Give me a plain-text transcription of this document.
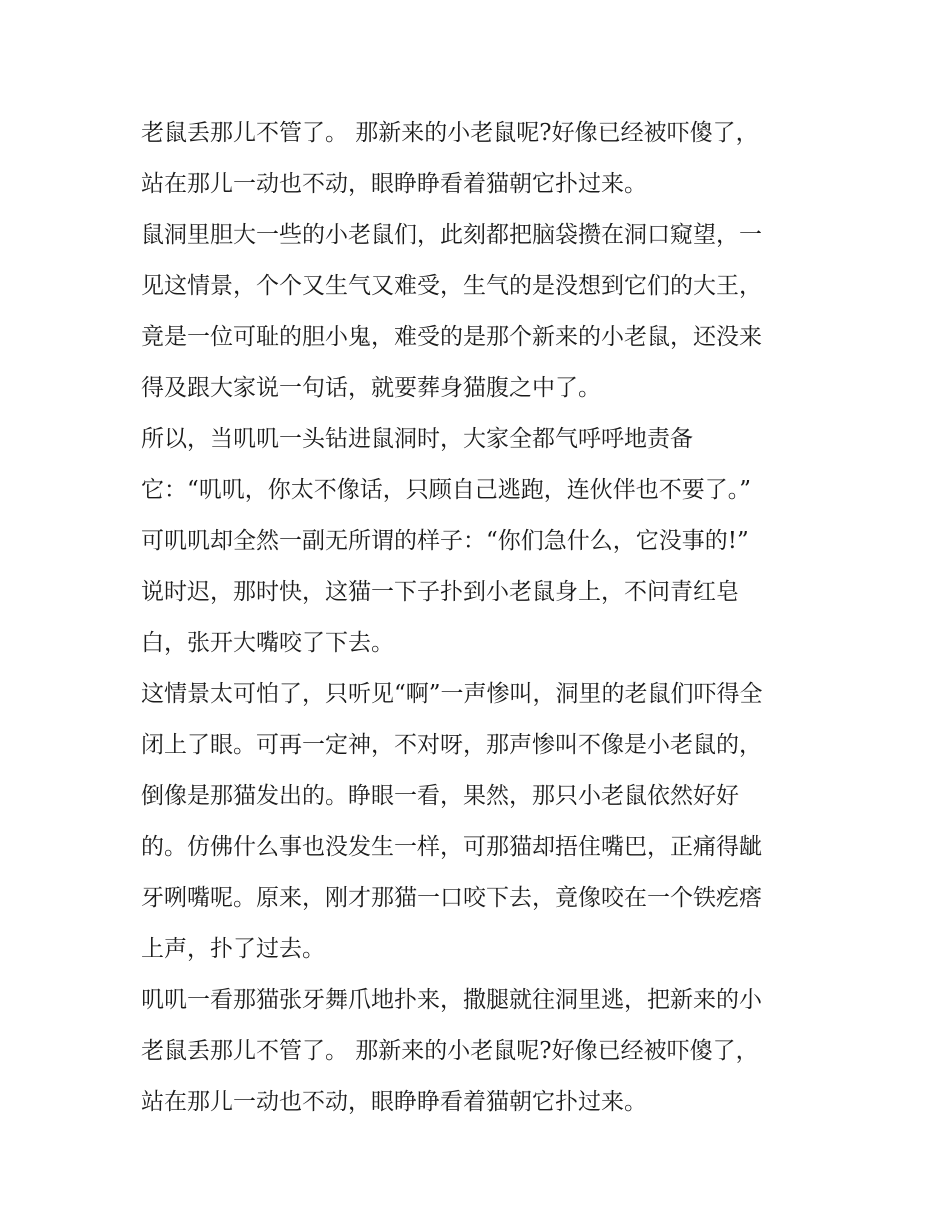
老鼠丢那儿不管了。 那新来的小老鼠呢?好像已经被吓傻了，
站在那儿一动也不动，眼睁睁看着猫朝它扑过来。
鼠洞里胆大一些的小老鼠们，此刻都把脑袋攒在洞口窥望，一
见这情景，个个又生气又难受，生气的是没想到它们的大王，
竟是一位可耻的胆小鬼，难受的是那个新来的小老鼠，还没来
得及跟大家说一句话，就要葬身猫腹之中了。
所以，当叽叽一头钻进鼠洞时，大家全都气呼呼地责备
它：“叽叽，你太不像话，只顾自己逃跑，连伙伴也不要了。”
可叽叽却全然一副无所谓的样子：“你们急什么，它没事的!”
说时迟，那时快，这猫一下子扑到小老鼠身上，不问青红皂
白，张开大嘴咬了下去。
这情景太可怕了，只听见“啊”一声惨叫，洞里的老鼠们吓得全
闭上了眼。可再一定神，不对呀，那声惨叫不像是小老鼠的，
倒像是那猫发出的。睁眼一看，果然，那只小老鼠依然好好
的。仿佛什么事也没发生一样，可那猫却捂住嘴巴，正痛得龇
牙咧嘴呢。原来，刚才那猫一口咬下去，竟像咬在一个铁疙瘩
上声，扑了过去。
叽叽一看那猫张牙舞爪地扑来，撒腿就往洞里逃，把新来的小
老鼠丢那儿不管了。 那新来的小老鼠呢?好像已经被吓傻了，
站在那儿一动也不动，眼睁睁看着猫朝它扑过来。
